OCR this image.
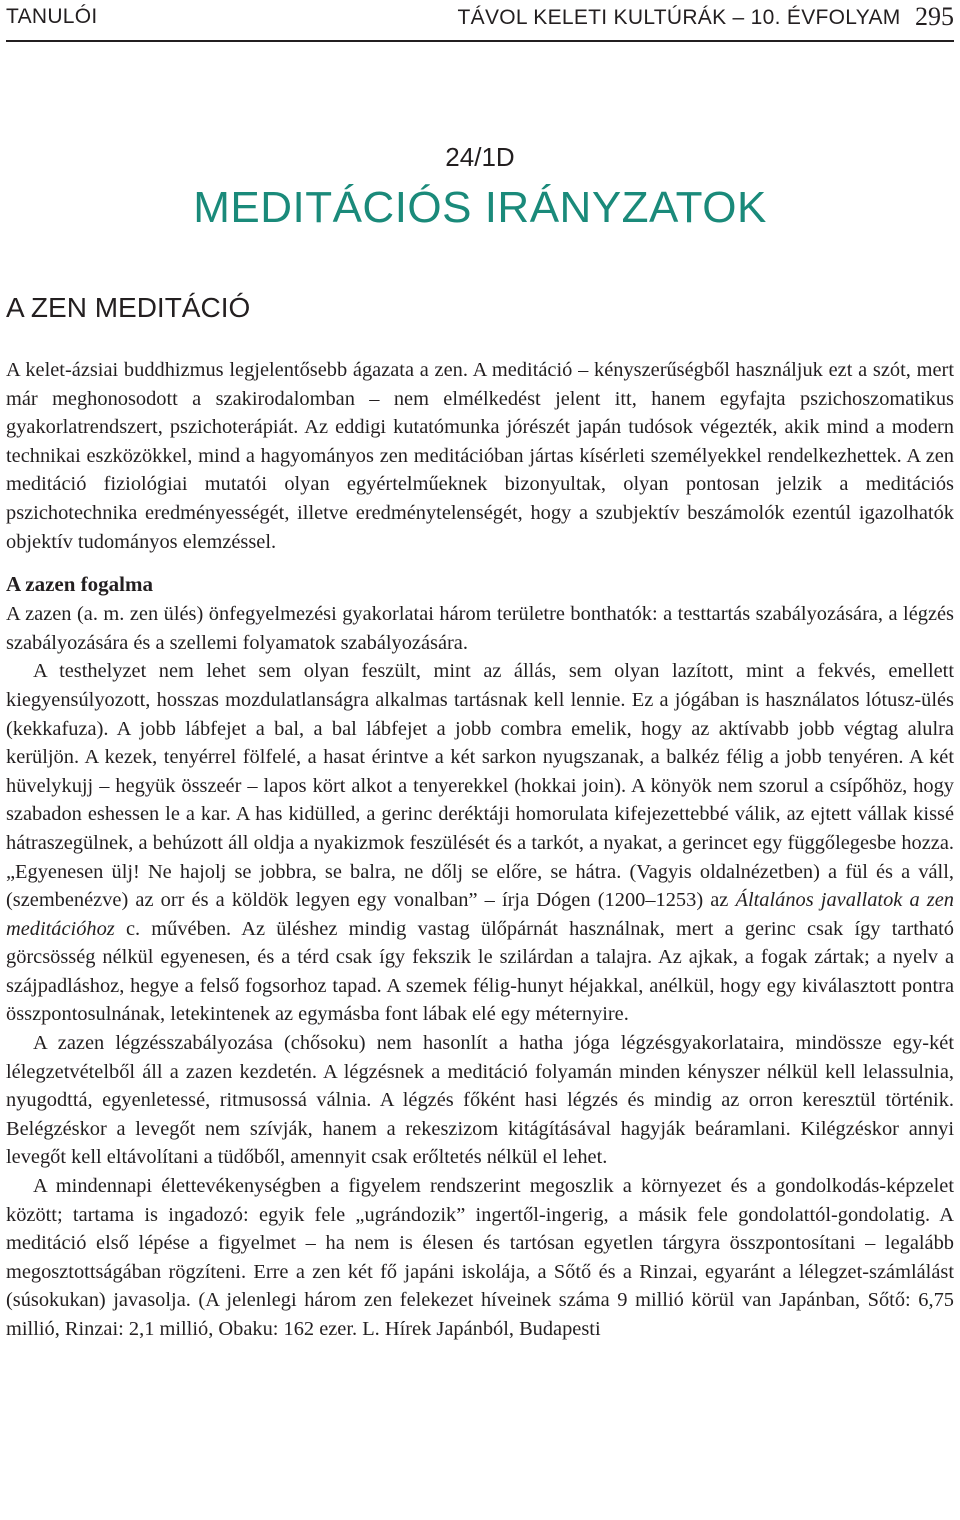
TANULÓI	TÁVOL KELETI KULTÚRÁK – 10. ÉVFOLYAM 295
24/1D
MEDITÁCIÓS IRÁNYZATOK
A ZEN MEDITÁCIÓ

A kelet-ázsiai buddhizmus legjelentősebb ágazata a zen. A meditáció – kényszerűségből használjuk ezt a szót, mert már meghonosodott a szakirodalomban – nem elmélkedést jelent itt, hanem egyfajta pszichoszomatikus gyakorlatrendszert, pszichoterápiát. Az eddigi kutatómunka jórészét japán tudósok végezték, akik mind a modern technikai eszközökkel, mind a hagyományos zen meditációban jártas kísérleti személyekkel rendelkezhettek. A zen meditáció fiziológiai mutatói olyan egyértelműeknek bizonyultak, olyan pontosan jelzik a meditációs pszichotechnika eredményességét, illetve eredménytelenségét, hogy a szubjektív beszámolók ezentúl igazolhatók objektív tudományos elemzéssel.

A zazen fogalma

A zazen (a. m. zen ülés) önfegyelmezési gyakorlatai három területre bonthatók: a testtartás szabályozására, a légzés szabályozására és a szellemi folyamatok szabályozására.

A testhelyzet nem lehet sem olyan feszült, mint az állás, sem olyan lazított, mint a fekvés, emellett kiegyensúlyozott, hosszas mozdulatlanságra alkalmas tartásnak kell lennie. Ez a jógában is használatos lótusz-ülés (kekkafuza). A jobb lábfejet a bal, a bal lábfejet a jobb combra emelik, hogy az aktívabb jobb végtag alulra kerüljön. A kezek, tenyérrel fölfelé, a hasat érintve a két sarkon nyugszanak, a balkéz félig a jobb tenyéren. A két hüvelykujj – hegyük összeér – lapos kört alkot a tenyerekkel (hokkai join). A könyök nem szorul a csípőhöz, hogy szabadon eshessen le a kar. A has kidülled, a gerinc deréktáji homorulata kifejezettebbé válik, az ejtett vállak kissé hátraszegülnek, a behúzott áll oldja a nyakizmok feszülését és a tarkót, a nyakat, a gerincet egy függőlegesbe hozza. „Egyenesen ülj! Ne hajolj se jobbra, se balra, ne dőlj se előre, se hátra. (Vagyis oldalnézetben) a fül és a váll, (szembenézve) az orr és a köldök legyen egy vonalban” – írja Dógen (1200–1253) az Általános javallatok a zen meditációhoz c. művében. Az üléshez mindig vastag ülőpárnát használnak, mert a gerinc csak így tartható görcsösség nélkül egyenesen, és a térd csak így fekszik le szilárdan a talajra. Az ajkak, a fogak zártak; a nyelv a szájpadláshoz, hegye a felső fogsorhoz tapad. A szemek félig-hunyt héjakkal, anélkül, hogy egy kiválasztott pontra összpontosulnának, letekintenek az egymásba font lábak elé egy méternyire.

A zazen légzésszabályozása (chősoku) nem hasonlít a hatha jóga légzésgyakorlataira, mindössze egy-két lélegzetvételből áll a zazen kezdetén. A légzésnek a meditáció folyamán minden kényszer nélkül kell lelassulnia, nyugodttá, egyenletessé, ritmusossá válnia. A légzés főként hasi légzés és mindig az orron keresztül történik. Belégzéskor a levegőt nem szívják, hanem a rekeszizom kitágításával hagyják beáramlani. Kilégzéskor annyi levegőt kell eltávolítani a tüdőből, amennyit csak erőltetés nélkül el lehet.

A mindennapi élettevékenységben a figyelem rendszerint megoszlik a környezet és a gondolkodás-képzelet között; tartama is ingadozó: egyik fele „ugrándozik” ingertől-ingerig, a másik fele gondolattól-gondolatig. A meditáció első lépése a figyelmet – ha nem is élesen és tartósan egyetlen tárgyra összpontosítani – legalább megosztottságában rögzíteni. Erre a zen két fő japáni iskolája, a Sőtő és a Rinzai, egyaránt a lélegzet-számlálást (súsokukan) javasolja. (A jelenlegi három zen felekezet híveinek száma 9 millió körül van Japánban, Sőtő: 6,75 millió, Rinzai: 2,1 millió, Obaku: 162 ezer. L. Hírek Japánból, Budapesti
